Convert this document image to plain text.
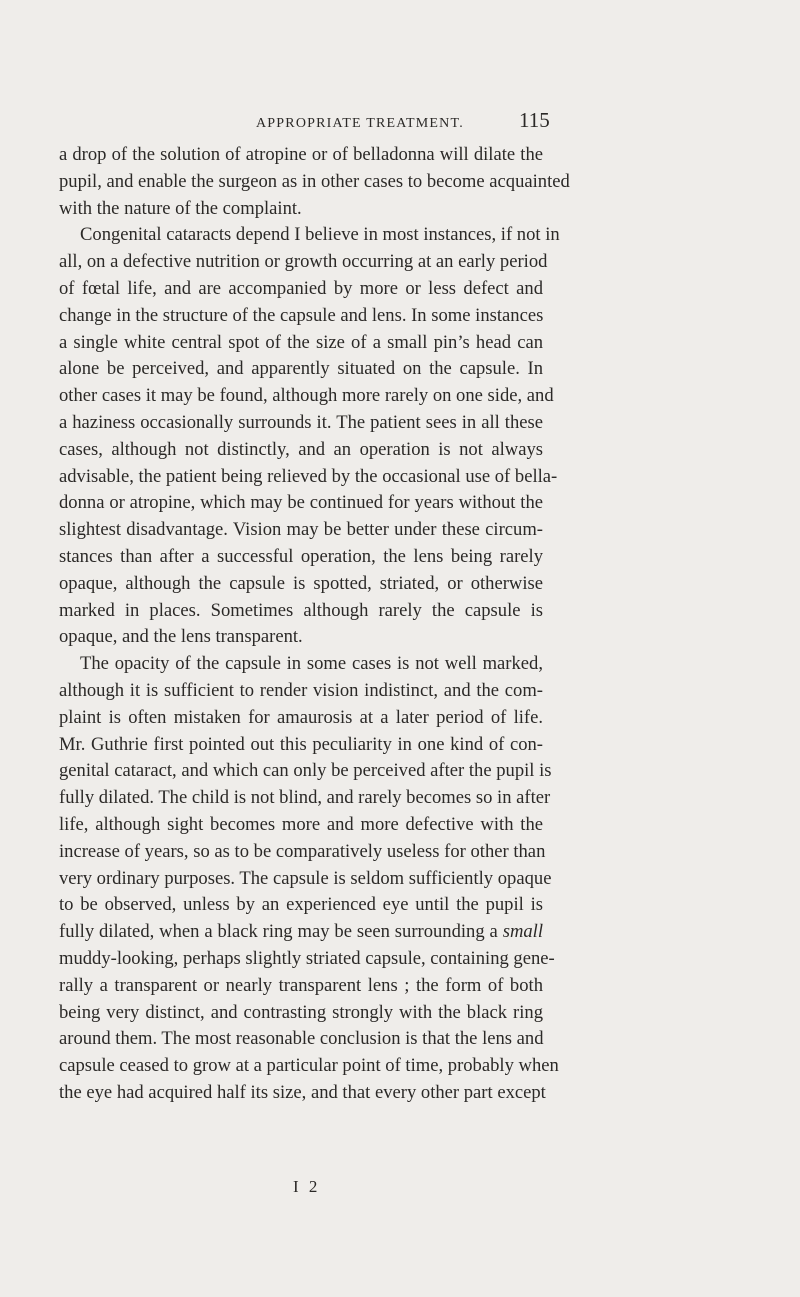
APPROPRIATE TREATMENT.	115
a drop of the solution of atropine or of belladonna will dilate the
pupil, and enable the surgeon as in other cases to become acquainted
with the nature of the complaint.
Congenital cataracts depend I believe in most instances, if not in
all, on a defective nutrition or growth occurring at an early period
of fœtal life, and are accompanied by more or less defect and
change in the structure of the capsule and lens. In some instances
a single white central spot of the size of a small pin’s head can
alone be perceived, and apparently situated on the capsule. In
other cases it may be found, although more rarely on one side, and
a haziness occasionally surrounds it. The patient sees in all these
cases, although not distinctly, and an operation is not always
advisable, the patient being relieved by the occasional use of bella-
donna or atropine, which may be continued for years without the
slightest disadvantage. Vision may be better under these circum-
stances than after a successful operation, the lens being rarely
opaque, although the capsule is spotted, striated, or otherwise
marked in places. Sometimes although rarely the capsule is
opaque, and the lens transparent.
The opacity of the capsule in some cases is not well marked,
although it is sufficient to render vision indistinct, and the com-
plaint is often mistaken for amaurosis at a later period of life.
Mr. Guthrie first pointed out this peculiarity in one kind of con-
genital cataract, and which can only be perceived after the pupil is
fully dilated. The child is not blind, and rarely becomes so in after
life, although sight becomes more and more defective with the
increase of years, so as to be comparatively useless for other than
very ordinary purposes. The capsule is seldom sufficiently opaque
to be observed, unless by an experienced eye until the pupil is
fully dilated, when a black ring may be seen surrounding a small
muddy-looking, perhaps slightly striated capsule, containing gene-
rally a transparent or nearly transparent lens ; the form of both
being very distinct, and contrasting strongly with the black ring
around them. The most reasonable conclusion is that the lens and
capsule ceased to grow at a particular point of time, probably when
the eye had acquired half its size, and that every other part except
I 2
